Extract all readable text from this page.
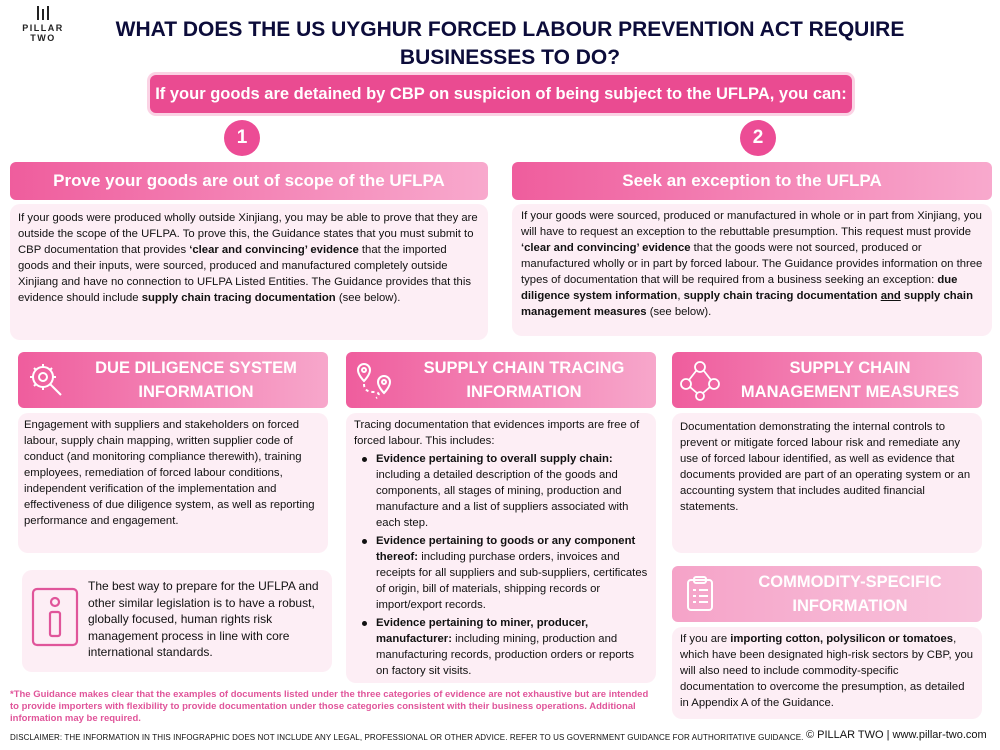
PILLAR TWO	WHAT DOES THE US UYGHUR FORCED LABOUR PREVENTION ACT REQUIRE BUSINESSES TO DO?
If your goods are detained by CBP on suspicion of being subject to the UFLPA, you can:
1	2
Prove your goods are out of scope of the UFLPA	Seek an exception to the UFLPA
If your goods were produced wholly outside Xinjiang, you may be able to prove that they are outside the scope of the UFLPA. To prove this, the Guidance states that you must submit to CBP documentation that provides ‘clear and convincing’ evidence that the imported goods and their inputs, were sourced, produced and manufactured completely outside Xinjiang and have no connection to UFLPA Listed Entities. The Guidance provides that this evidence should include supply chain tracing documentation (see below).
If your goods were sourced, produced or manufactured in whole or in part from Xinjiang, you will have to request an exception to the rebuttable presumption. This request must provide ‘clear and convincing’ evidence that the goods were not sourced, produced or manufactured wholly or in part by forced labour. The Guidance provides information on three types of documentation that will be required from a business seeking an exception: due diligence system information, supply chain tracing documentation and supply chain management measures (see below).
DUE DILIGENCE SYSTEM INFORMATION
Engagement with suppliers and stakeholders on forced labour, supply chain mapping, written supplier code of conduct (and monitoring compliance therewith), training employees, remediation of forced labour conditions, independent verification of the implementation and effectiveness of due diligence system, as well as reporting performance and engagement.
The best way to prepare for the UFLPA and other similar legislation is to have a robust, globally focused, human rights risk management process in line with core international standards.
SUPPLY CHAIN TRACING INFORMATION
Tracing documentation that evidences imports are free of forced labour. This includes:
Evidence pertaining to overall supply chain: including a detailed description of the goods and components, all stages of mining, production and manufacture and a list of suppliers associated with each step.
Evidence pertaining to goods or any component thereof: including purchase orders, invoices and receipts for all suppliers and sub-suppliers, certificates of origin, bill of materials, shipping records or import/export records.
Evidence pertaining to miner, producer, manufacturer: including mining, production and manufacturing records, production orders or reports on factory sit visits.
SUPPLY CHAIN MANAGEMENT MEASURES
Documentation demonstrating the internal controls to prevent or mitigate forced labour risk and remediate any use of forced labour identified, as well as evidence that documents provided are part of an operating system or an accounting system that includes audited financial statements.
COMMODITY-SPECIFIC INFORMATION
If you are importing cotton, polysilicon or tomatoes, which have been designated high-risk sectors by CBP, you will also need to include commodity-specific documentation to overcome the presumption, as detailed in Appendix A of the Guidance.
*The Guidance makes clear that the examples of documents listed under the three categories of evidence are not exhaustive but are intended to provide importers with flexibility to provide documentation under those categories consistent with their business operations. Additional information may be required.
DISCLAIMER: THE INFORMATION IN THIS INFOGRAPHIC DOES NOT INCLUDE ANY LEGAL, PROFESSIONAL OR OTHER ADVICE. REFER TO US GOVERNMENT GUIDANCE FOR AUTHORITATIVE GUIDANCE. © PILLAR TWO | www.pillar-two.com
